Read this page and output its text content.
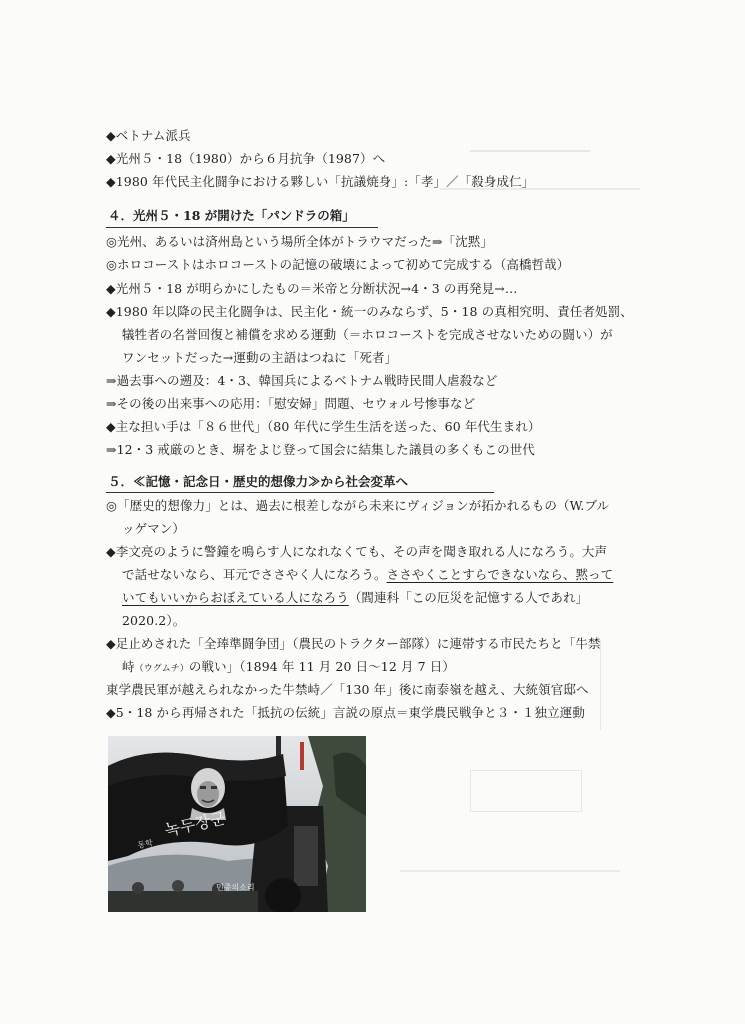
◆ベトナム派兵
◆光州５・18（1980）から６月抗争（1987）へ
◆1980 年代民主化闘争における夥しい「抗議焼身」:「孝」／「殺身成仁」
４．光州５・18 が開けた「パンドラの箱」
◎光州、あるいは済州島という場所全体がトラウマだった⇒「沈黙」
◎ホロコーストはホロコーストの記憶の破壊によって初めて完成する（高橋哲哉）
◆光州５・18 が明らかにしたもの＝米帝と分断状況→4・3 の再発見→…
◆1980 年以降の民主化闘争は、民主化・統一のみならず、5・18 の真相究明、責任者処罰、
犠牲者の名誉回復と補償を求める運動（＝ホロコーストを完成させないための闘い）が
ワンセットだった→運動の主語はつねに「死者」
⇒過去事への遡及：4・3、韓国兵によるベトナム戦時民間人虐殺など
⇒その後の出来事への応用：「慰安婦」問題、セウォル号惨事など
◆主な担い手は「８６世代」（80 年代に学生生活を送った、60 年代生まれ）
⇒12・3 戒厳のとき、塀をよじ登って国会に結集した議員の多くもこの世代
５．≪記憶・記念日・歴史的想像力≫から社会変革へ
◎「歴史的想像力」とは、過去に根差しながら未来にヴィジョンが拓かれるもの（W.ブル
ッゲマン）
◆李文亮のように警鐘を鳴らす人になれなくても、その声を聞き取れる人になろう。大声
で話せないなら、耳元でささやく人になろう。ささやくことすらできないなら、黙って
いてもいいからおぼえている人になろう（閻連科「この厄災を記憶する人であれ」
2020.2）。
◆足止めされた「全琫準闘争団」（農民のトラクター部隊）に連帯する市民たちと「牛禁
峙（ウグムチ）の戦い」（1894 年 11 月 20 日～12 月 7 日）
東学農民軍が越えられなかった牛禁峙／「130 年」後に南泰嶺を越え、大統領官邸へ
◆5・18 から再帰された「抵抗の伝統」言説の原点＝東学農民戦争と３・１独立運動
녹두장군
동학
민중의소리
